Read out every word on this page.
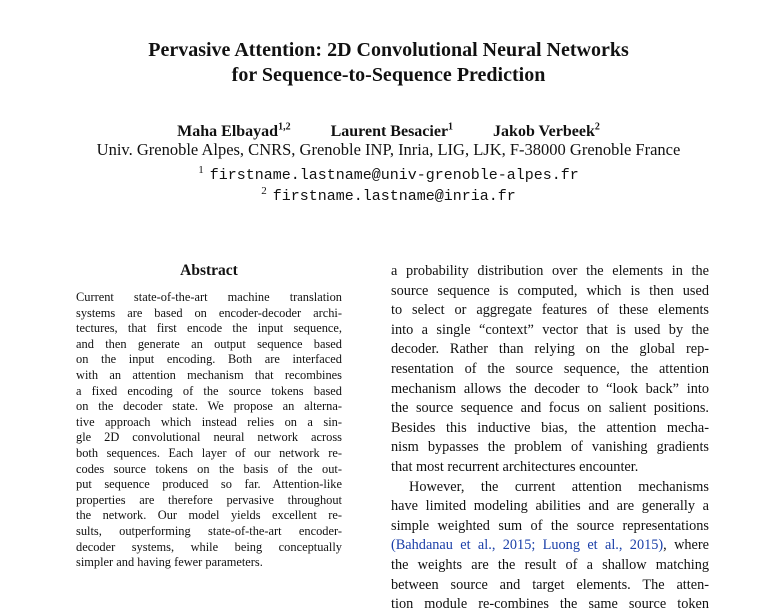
Pervasive Attention: 2D Convolutional Neural Networks
for Sequence-to-Sequence Prediction
Maha Elbayad$^{1,2}$	Laurent Besacier$^1$	Jakob Verbeek$^2$
Univ. Grenoble Alpes, CNRS, Grenoble INP, Inria, LIG, LJK, F-38000 Grenoble France
$^1$ firstname.lastname@univ-grenoble-alpes.fr
$^2$ firstname.lastname@inria.fr
Abstract
Current state-of-the-art machine translation
systems are based on encoder-decoder archi-
tectures, that first encode the input sequence,
and then generate an output sequence based
on the input encoding. Both are interfaced
with an attention mechanism that recombines
a fixed encoding of the source tokens based
on the decoder state. We propose an alterna-
tive approach which instead relies on a sin-
gle 2D convolutional neural network across
both sequences. Each layer of our network re-
codes source tokens on the basis of the out-
put sequence produced so far. Attention-like
properties are therefore pervasive throughout
the network. Our model yields excellent re-
sults, outperforming state-of-the-art encoder-
decoder systems, while being conceptually
simpler and having fewer parameters.
a probability distribution over the elements in the
source sequence is computed, which is then used
to select or aggregate features of these elements
into a single “context” vector that is used by the
decoder. Rather than relying on the global rep-
resentation of the source sequence, the attention
mechanism allows the decoder to “look back” into
the source sequence and focus on salient positions.
Besides this inductive bias, the attention mecha-
nism bypasses the problem of vanishing gradients
that most recurrent architectures encounter.
However, the current attention mechanisms
have limited modeling abilities and are generally a
simple weighted sum of the source representations
(Bahdanau et al., 2015; Luong et al., 2015), where
the weights are the result of a shallow matching
between source and target elements. The atten-
tion module re-combines the same source token
